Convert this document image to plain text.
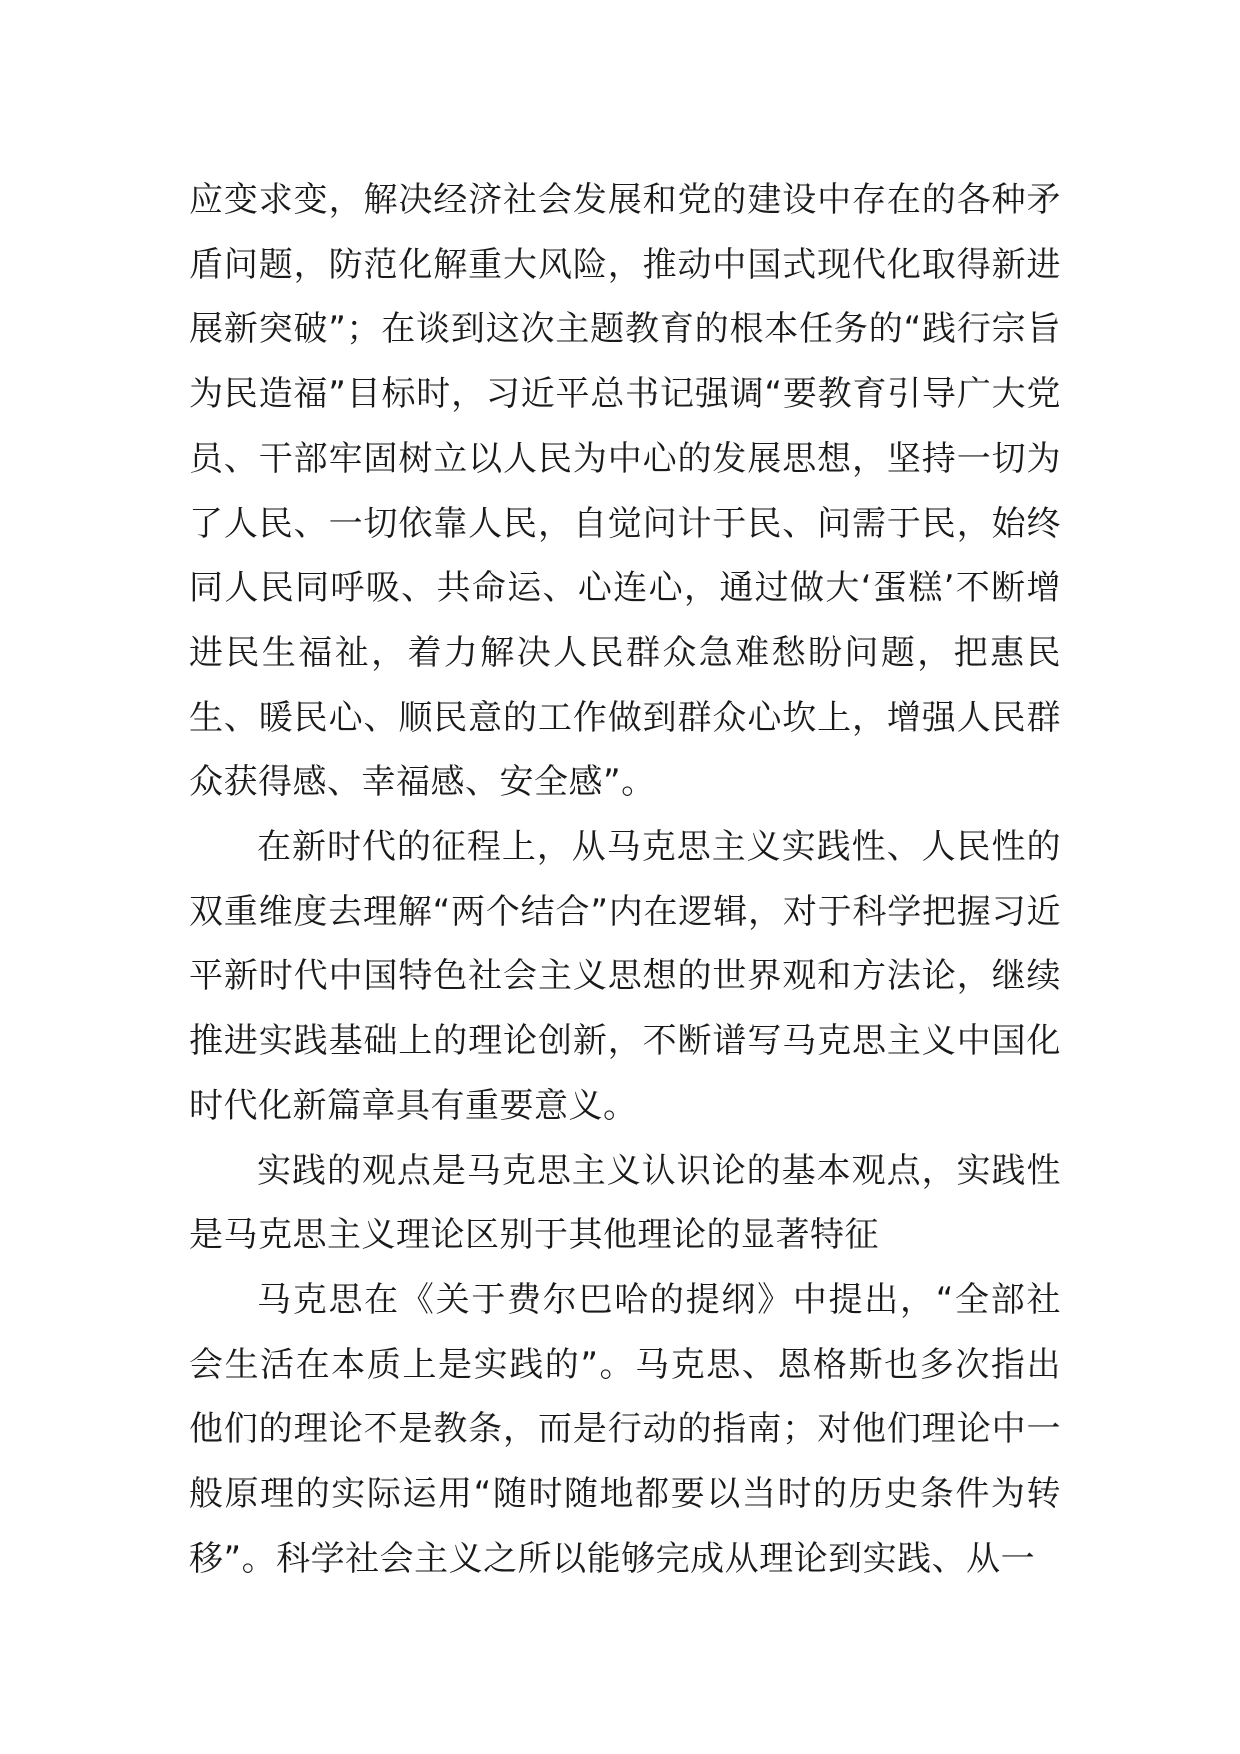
应变求变，解决经济社会发展和党的建设中存在的各种矛盾问题，防范化解重大风险，推动中国式现代化取得新进展新突破”；在谈到这次主题教育的根本任务的“践行宗旨为民造福”目标时，习近平总书记强调“要教育引导广大党员、干部牢固树立以人民为中心的发展思想，坚持一切为了人民、一切依靠人民，自觉问计于民、问需于民，始终同人民同呼吸、共命运、心连心，通过做大‘蛋糕’不断增进民生福祉，着力解决人民群众急难愁盼问题，把惠民生、暖民心、顺民意的工作做到群众心坎上，增强人民群众获得感、幸福感、安全感”。

在新时代的征程上，从马克思主义实践性、人民性的双重维度去理解“两个结合”内在逻辑，对于科学把握习近平新时代中国特色社会主义思想的世界观和方法论，继续推进实践基础上的理论创新，不断谱写马克思主义中国化时代化新篇章具有重要意义。

实践的观点是马克思主义认识论的基本观点，实践性是马克思主义理论区别于其他理论的显著特征

马克思在《关于费尔巴哈的提纲》中提出，“全部社会生活在本质上是实践的”。马克思、恩格斯也多次指出他们的理论不是教条，而是行动的指南；对他们理论中一般原理的实际运用“随时随地都要以当时的历史条件为转移”。科学社会主义之所以能够完成从理论到实践、从一
